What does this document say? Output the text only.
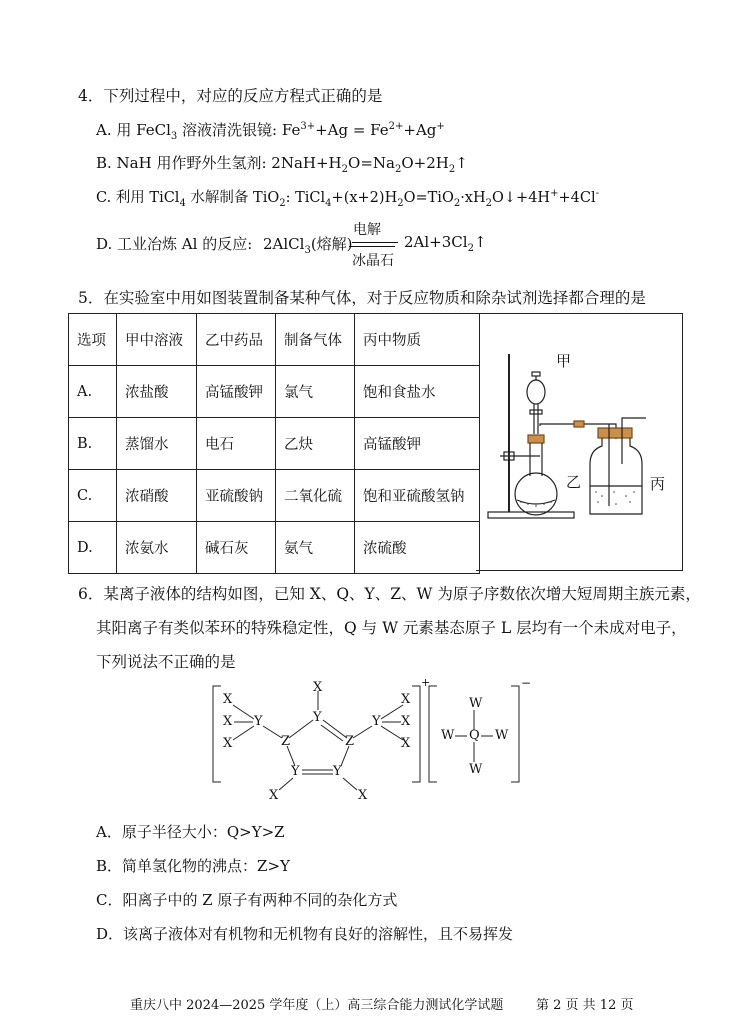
4．下列过程中，对应的反应方程式正确的是
A. 用 FeCl$_3$ 溶液清洗银镜: $Fe^{3+}+Ag = Fe^{2+}+Ag^+$
B. NaH 用作野外生氢剂: $2NaH+H_2O=Na_2O+2H_2↑$
C. 利用 TiCl$_4$ 水解制备 TiO$_2$: $TiCl_4+(x+2)H_2O=TiO_2\cdot xH_2O↓+4H^++4Cl^-$
D. 工业冶炼 Al 的反应: 2AlCl$_3$(熔解)
电解
冰晶石
$2Al+3Cl_2↑$
5．在实验室中用如图装置制备某种气体，对于反应物质和除杂试剂选择都合理的是
选项	甲中溶液	乙中药品	制备气体	丙中物质
A.	浓盐酸	高锰酸钾	氯气	饱和食盐水
B.	蒸馏水	电石	乙炔	高锰酸钾
C.	浓硝酸	亚硫酸钠	二氧化硫	饱和亚硫酸氢钠
D.	浓氨水	碱石灰	氨气	浓硫酸
甲
乙	丙
6．某离子液体的结构如图，已知 X、Q、Y、Z、W 为原子序数依次增大短周期主族元素，
其阳离子有类似苯环的特殊稳定性，Q 与 W 元素基态原子 L 层均有一个未成对电子，
下列说法不正确的是
X
X
X
Y
X
Y
Z	Z
Y	Y
X	X
Y
X
X
X
+
W
W Q W
W
−
A．原子半径大小：Q>Y>Z
B．简单氢化物的沸点：Z>Y
C．阳离子中的 Z 原子有两种不同的杂化方式
D．该离子液体对有机物和无机物有良好的溶解性，且不易挥发
重庆八中 2024—2025 学年度（上）高三综合能力测试化学试题	第 2 页 共 12 页
